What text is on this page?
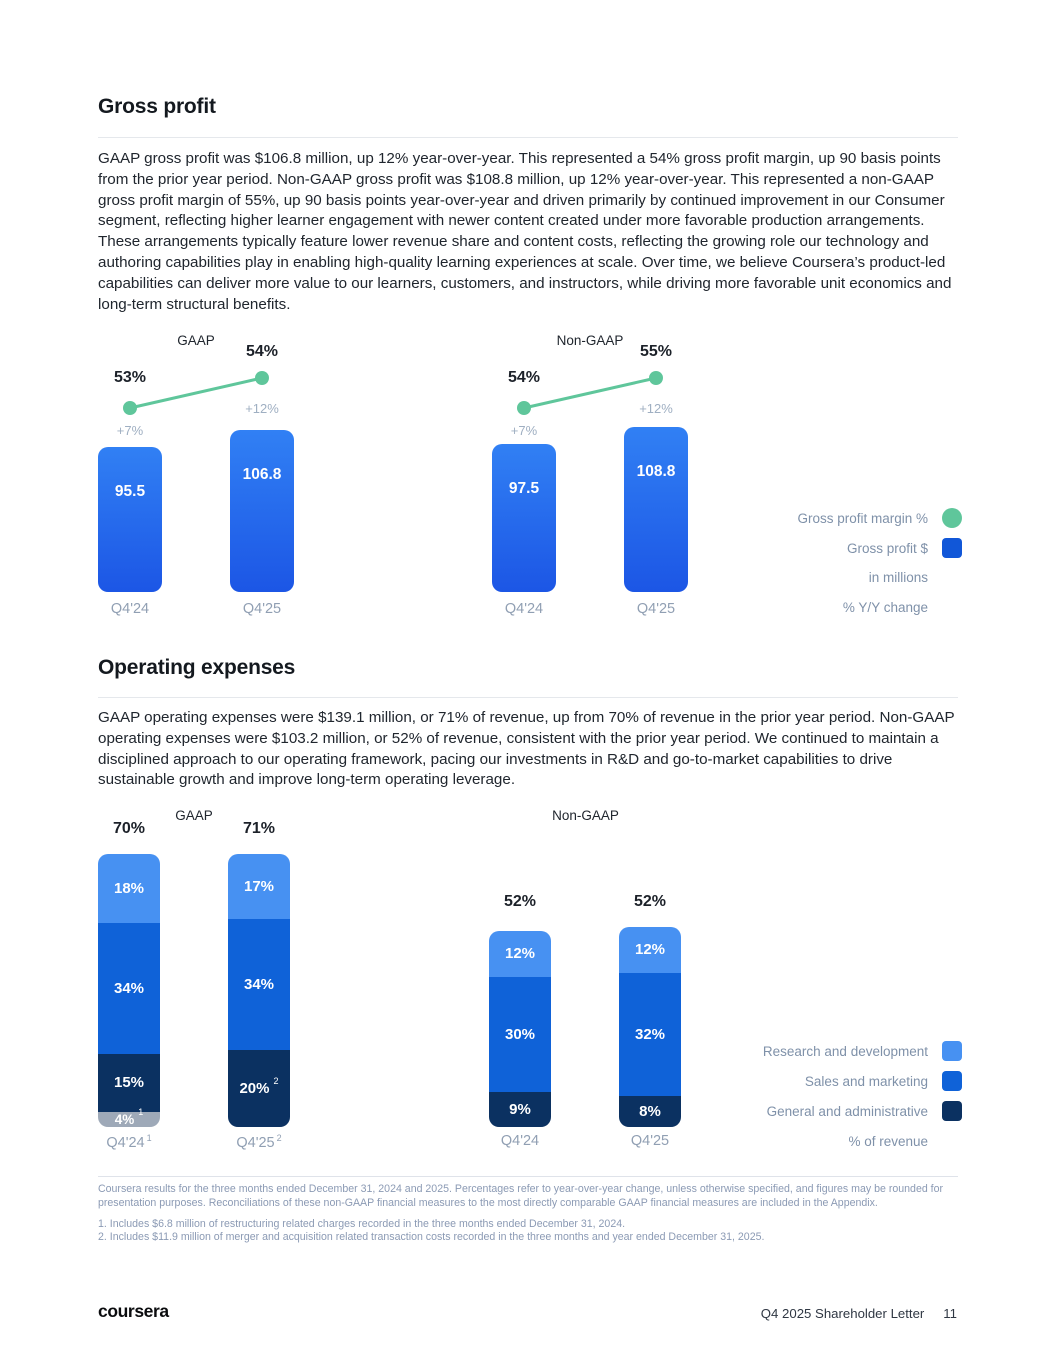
Gross profit
GAAP gross profit was $106.8 million, up 12% year-over-year. This represented a 54% gross profit margin, up 90 basis points from the prior year period. Non-GAAP gross profit was $108.8 million, up 12% year-over-year. This represented a non-GAAP gross profit margin of 55%, up 90 basis points year-over-year and driven primarily by continued improvement in our Consumer segment, reflecting higher learner engagement with newer content created under more favorable production arrangements. These arrangements typically feature lower revenue share and content costs, reflecting the growing role our technology and authoring capabilities play in enabling high-quality learning experiences at scale. Over time, we believe Coursera’s product-led capabilities can deliver more value to our learners, customers, and instructors, while driving more favorable unit economics and long-term structural benefits.
GAAP
53%
54%
+7%
+12%
95.5
106.8
Q4'24	Q4'25
Non-GAAP
54%
55%
+7%
+12%
97.5
108.8
Q4'24	Q4'25
Gross profit margin %
Gross profit $
in millions
% Y/Y change
Operating expenses
GAAP operating expenses were $139.1 million, or 71% of revenue, up from 70% of revenue in the prior year period. Non-GAAP operating expenses were $103.2 million, or 52% of revenue, consistent with the prior year period. We continued to maintain a disciplined approach to our operating framework, pacing our investments in R&D and go-to-market capabilities to drive sustainable growth and improve long-term operating leverage.
GAAP
70%	71%
18%
34%
15%
4% $^1$
17%
34%
20% $^2$
Q4'24 $^1$	Q4'25 $^2$
Non-GAAP
52%	52%
12%
30%
9%
12%
32%
8%
Q4'24	Q4'25
Research and development
Sales and marketing
General and administrative
% of revenue
Coursera results for the three months ended December 31, 2024 and 2025. Percentages refer to year-over-year change, unless otherwise specified, and figures may be rounded for presentation purposes. Reconciliations of these non-GAAP financial measures to the most directly comparable GAAP financial measures are included in the Appendix.
1. Includes $6.8 million of restructuring related charges recorded in the three months ended December 31, 2024.
2. Includes $11.9 million of merger and acquisition related transaction costs recorded in the three months and year ended December 31, 2025.
coursera	Q4 2025 Shareholder Letter 11
